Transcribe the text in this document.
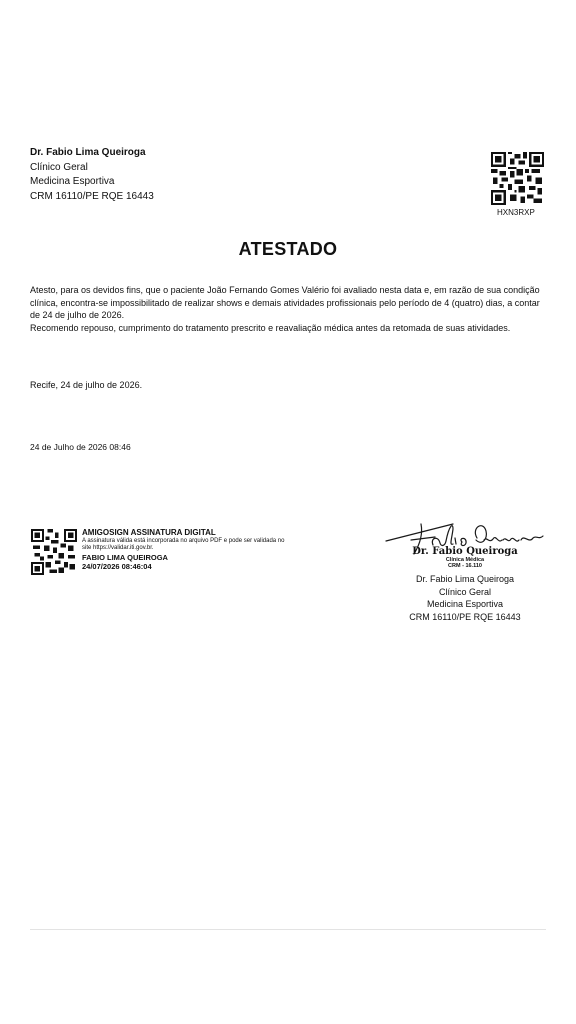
Dr. Fabio Lima Queiroga
Clínico Geral
Medicina Esportiva
CRM 16110/PE RQE 16443
HXN3RXP
ATESTADO

Atesto, para os devidos fins, que o paciente João Fernando Gomes Valério foi avaliado nesta data e, em razão de sua condição clínica, encontra-se impossibilitado de realizar shows e demais atividades profissionais pelo período de 4 (quatro) dias, a contar de 24 de julho de 2026.

Recomendo repouso, cumprimento do tratamento prescrito e reavaliação médica antes da retomada de suas atividades.

Recife, 24 de julho de 2026.
24 de Julho de 2026 08:46
AMIGOSIGN ASSINATURA DIGITAL
A assinatura válida está incorporada no arquivo PDF e pode ser validada no site https://validar.iti.gov.br.
FABIO LIMA QUEIROGA
24/07/2026 08:46:04
Dr. Fabio Queiroga
Clínica Médica
CRM - 16.110
Dr. Fabio Lima Queiroga
Clínico Geral
Medicina Esportiva
CRM 16110/PE RQE 16443
